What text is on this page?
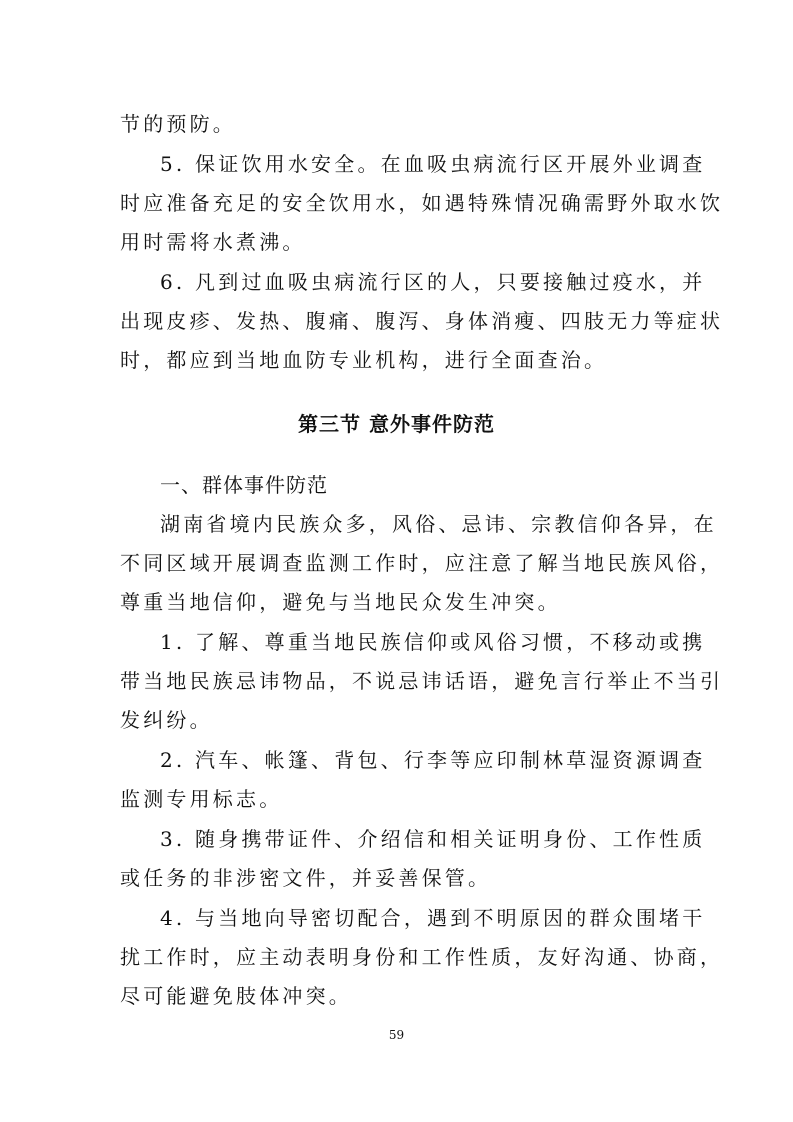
节的预防。
5. 保证饮用水安全。在血吸虫病流行区开展外业调查
时应准备充足的安全饮用水，如遇特殊情况确需野外取水饮
用时需将水煮沸。
6. 凡到过血吸虫病流行区的人，只要接触过疫水，并
出现皮疹、发热、腹痛、腹泻、身体消瘦、四肢无力等症状
时，都应到当地血防专业机构，进行全面查治。
第三节 意外事件防范
一、群体事件防范
湖南省境内民族众多，风俗、忌讳、宗教信仰各异，在
不同区域开展调查监测工作时，应注意了解当地民族风俗，
尊重当地信仰，避免与当地民众发生冲突。
1. 了解、尊重当地民族信仰或风俗习惯，不移动或携
带当地民族忌讳物品，不说忌讳话语，避免言行举止不当引
发纠纷。
2. 汽车、帐篷、背包、行李等应印制林草湿资源调查
监测专用标志。
3. 随身携带证件、介绍信和相关证明身份、工作性质
或任务的非涉密文件，并妥善保管。
4. 与当地向导密切配合，遇到不明原因的群众围堵干
扰工作时，应主动表明身份和工作性质，友好沟通、协商，
尽可能避免肢体冲突。
59
